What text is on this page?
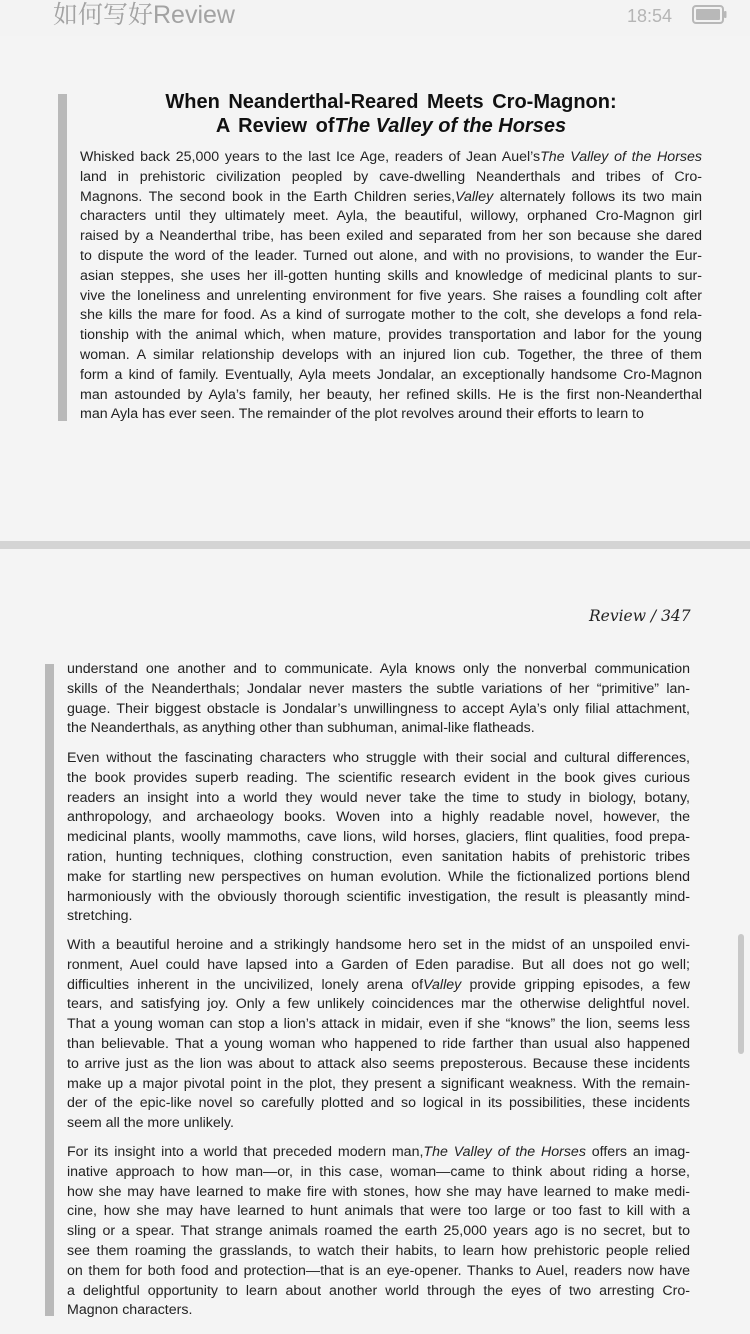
如何写好Review	18:54
When Neanderthal-Reared Meets Cro-Magnon:
A Review ofThe Valley of the Horses
Whisked back 25,000 years to the last Ice Age, readers of Jean Auel’sThe Valley of the Horses
land in prehistoric civilization peopled by cave-dwelling Neanderthals and tribes of Cro-
Magnons. The second book in the Earth Children series,Valley alternately follows its two main
characters until they ultimately meet. Ayla, the beautiful, willowy, orphaned Cro-Magnon girl
raised by a Neanderthal tribe, has been exiled and separated from her son because she dared
to dispute the word of the leader. Turned out alone, and with no provisions, to wander the Eur-
asian steppes, she uses her ill-gotten hunting skills and knowledge of medicinal plants to sur-
vive the loneliness and unrelenting environment for five years. She raises a foundling colt after
she kills the mare for food. As a kind of surrogate mother to the colt, she develops a fond rela-
tionship with the animal which, when mature, provides transportation and labor for the young
woman. A similar relationship develops with an injured lion cub. Together, the three of them
form a kind of family. Eventually, Ayla meets Jondalar, an exceptionally handsome Cro-Magnon
man astounded by Ayla’s family, her beauty, her refined skills. He is the first non-Neanderthal
man Ayla has ever seen. The remainder of the plot revolves around their efforts to learn to
Review / 347
understand one another and to communicate. Ayla knows only the nonverbal communication
skills of the Neanderthals; Jondalar never masters the subtle variations of her “primitive” lan-
guage. Their biggest obstacle is Jondalar’s unwillingness to accept Ayla’s only filial attachment,
the Neanderthals, as anything other than subhuman, animal-like flatheads.
Even without the fascinating characters who struggle with their social and cultural differences,
the book provides superb reading. The scientific research evident in the book gives curious
readers an insight into a world they would never take the time to study in biology, botany,
anthropology, and archaeology books. Woven into a highly readable novel, however, the
medicinal plants, woolly mammoths, cave lions, wild horses, glaciers, flint qualities, food prepa-
ration, hunting techniques, clothing construction, even sanitation habits of prehistoric tribes
make for startling new perspectives on human evolution. While the fictionalized portions blend
harmoniously with the obviously thorough scientific investigation, the result is pleasantly mind-
stretching.
With a beautiful heroine and a strikingly handsome hero set in the midst of an unspoiled envi-
ronment, Auel could have lapsed into a Garden of Eden paradise. But all does not go well;
difficulties inherent in the uncivilized, lonely arena ofValley provide gripping episodes, a few
tears, and satisfying joy. Only a few unlikely coincidences mar the otherwise delightful novel.
That a young woman can stop a lion’s attack in midair, even if she “knows” the lion, seems less
than believable. That a young woman who happened to ride farther than usual also happened
to arrive just as the lion was about to attack also seems preposterous. Because these incidents
make up a major pivotal point in the plot, they present a significant weakness. With the remain-
der of the epic-like novel so carefully plotted and so logical in its possibilities, these incidents
seem all the more unlikely.
For its insight into a world that preceded modern man,The Valley of the Horses offers an imag-
inative approach to how man—or, in this case, woman—came to think about riding a horse,
how she may have learned to make fire with stones, how she may have learned to make medi-
cine, how she may have learned to hunt animals that were too large or too fast to kill with a
sling or a spear. That strange animals roamed the earth 25,000 years ago is no secret, but to
see them roaming the grasslands, to watch their habits, to learn how prehistoric people relied
on them for both food and protection—that is an eye-opener. Thanks to Auel, readers now have
a delightful opportunity to learn about another world through the eyes of two arresting Cro-
Magnon characters.
